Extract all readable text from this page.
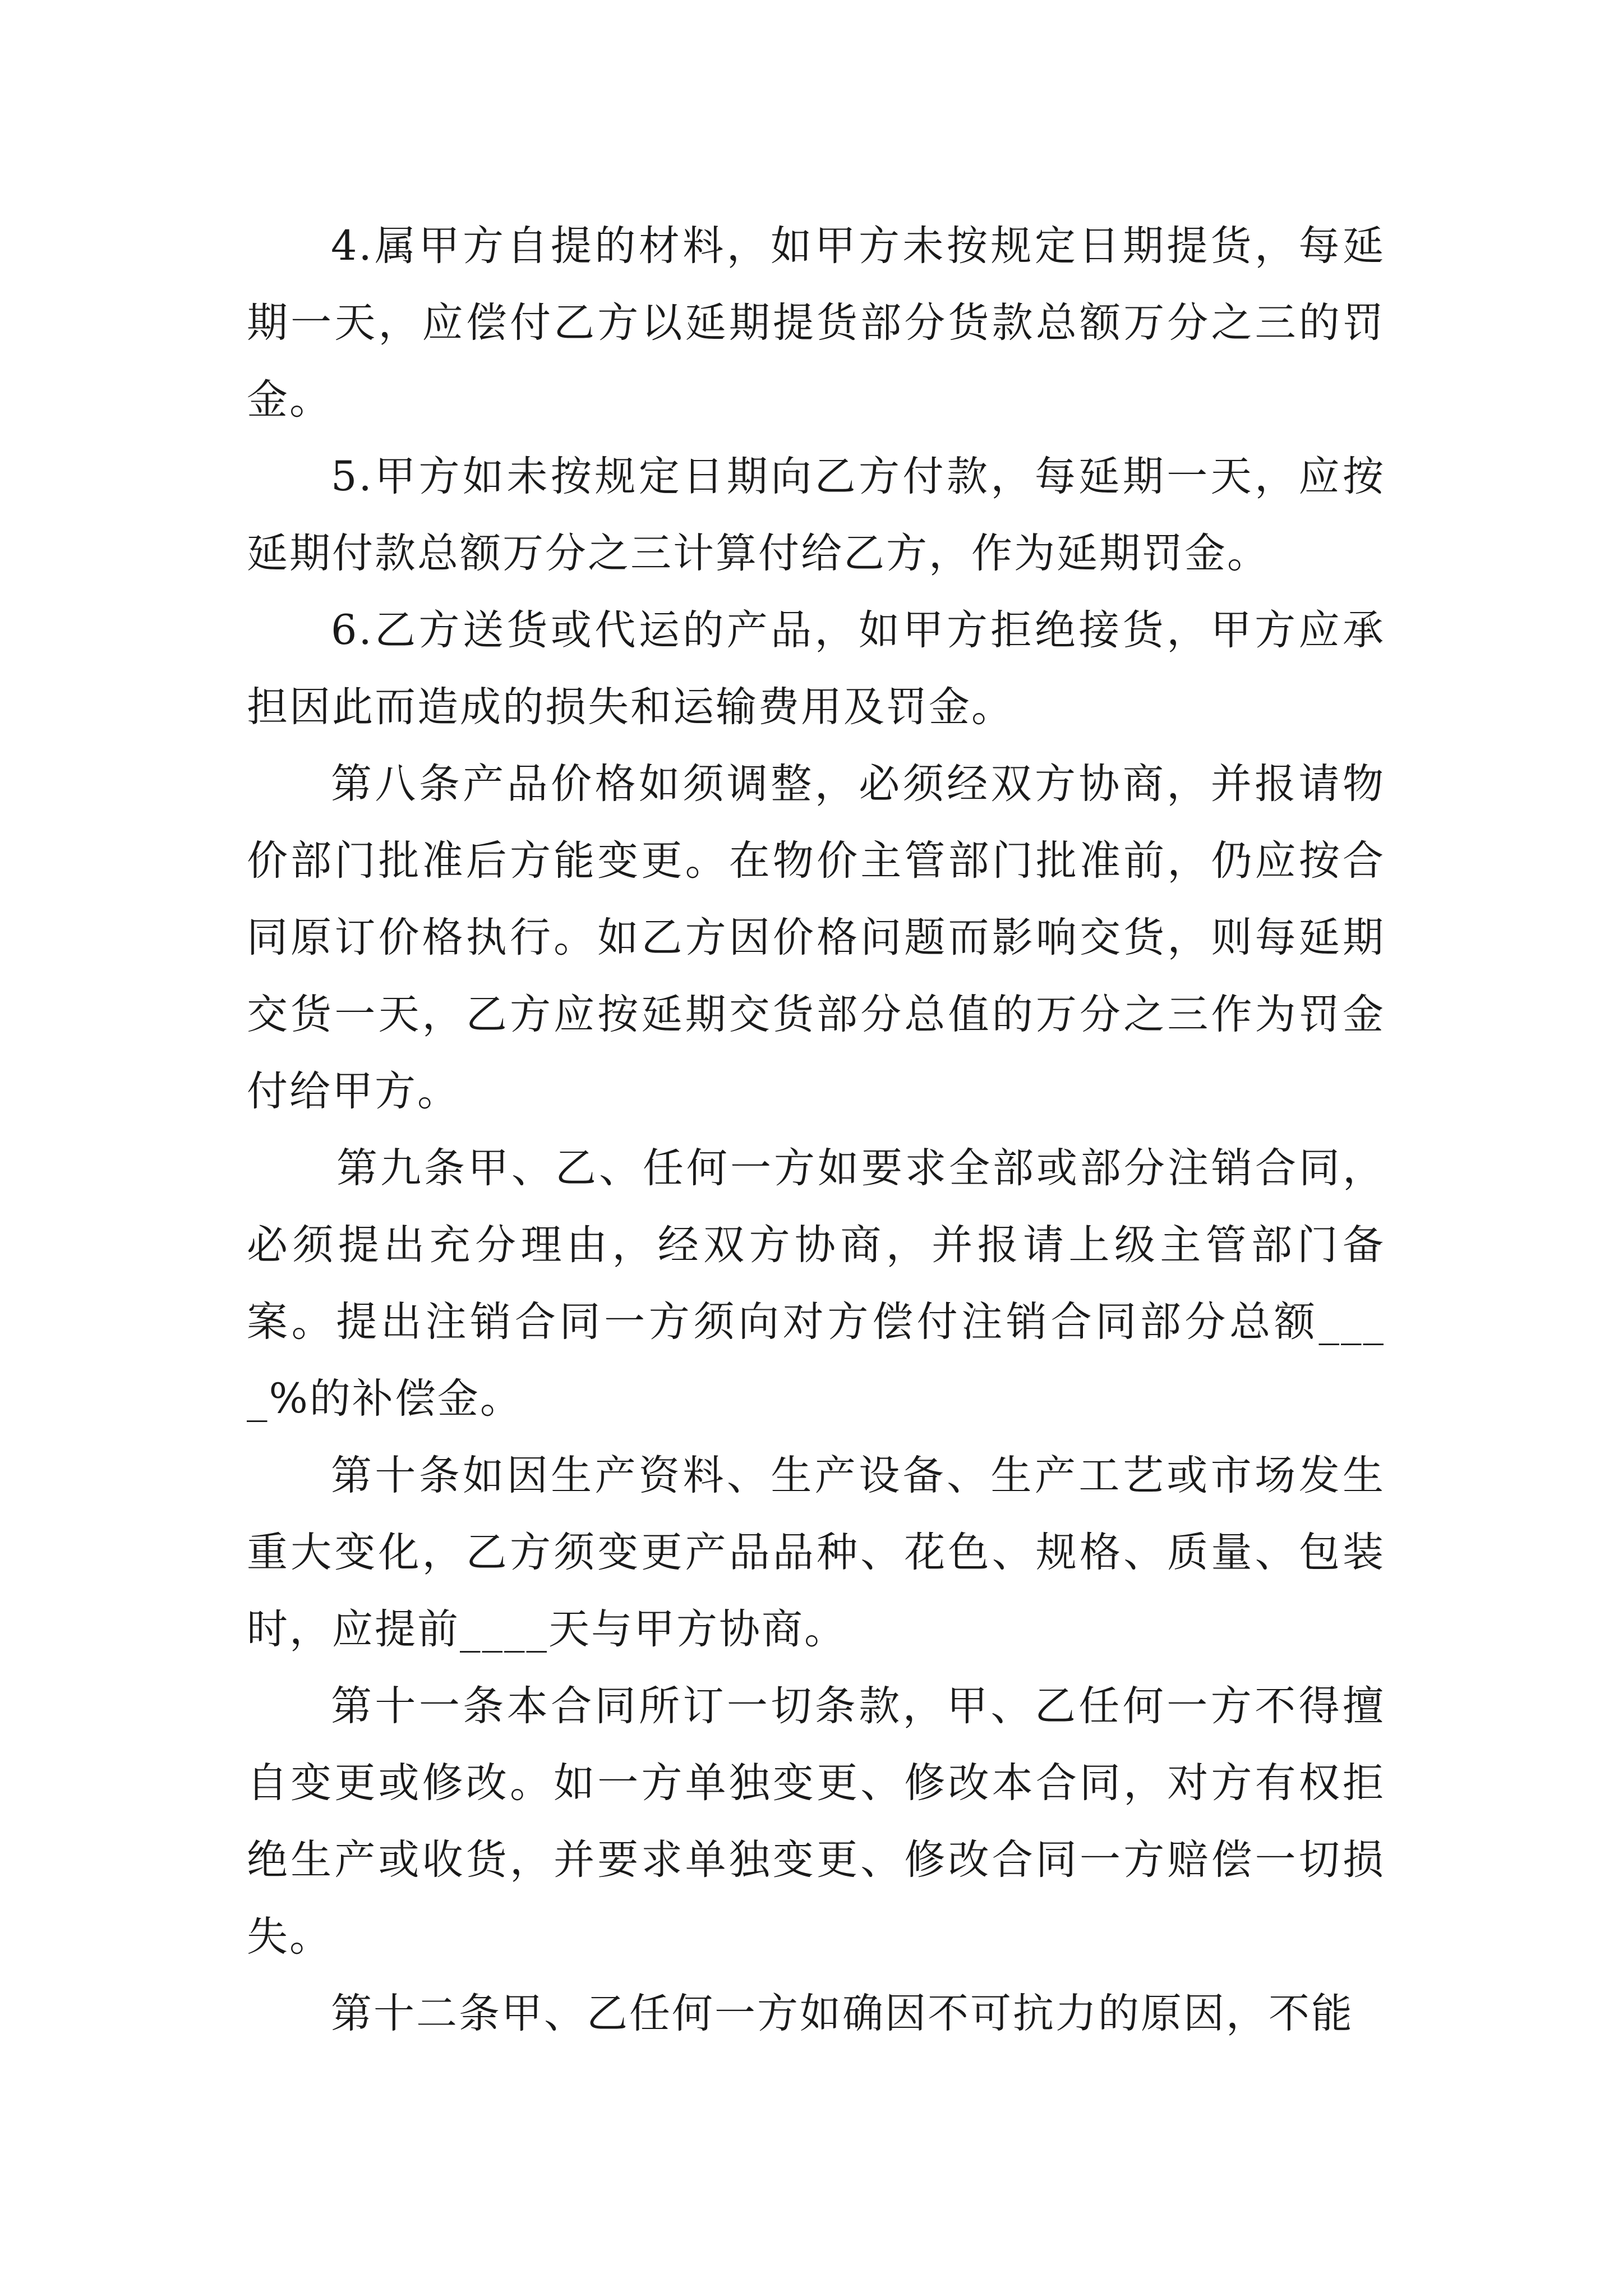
4.属甲方自提的材料，如甲方未按规定日期提货，每延期一天，应偿付乙方以延期提货部分货款总额万分之三的罚金。

5.甲方如未按规定日期向乙方付款，每延期一天，应按延期付款总额万分之三计算付给乙方，作为延期罚金。

6.乙方送货或代运的产品，如甲方拒绝接货，甲方应承担因此而造成的损失和运输费用及罚金。

第八条产品价格如须调整，必须经双方协商，并报请物价部门批准后方能变更。在物价主管部门批准前，仍应按合同原订价格执行。如乙方因价格问题而影响交货，则每延期交货一天，乙方应按延期交货部分总值的万分之三作为罚金付给甲方。

第九条甲、乙、任何一方如要求全部或部分注销合同，必须提出充分理由，经双方协商，并报请上级主管部门备案。提出注销合同一方须向对方偿付注销合同部分总额____%的补偿金。

第十条如因生产资料、生产设备、生产工艺或市场发生重大变化，乙方须变更产品品种、花色、规格、质量、包装时，应提前____天与甲方协商。

第十一条本合同所订一切条款，甲、乙任何一方不得擅自变更或修改。如一方单独变更、修改本合同，对方有权拒绝生产或收货，并要求单独变更、修改合同一方赔偿一切损失。

第十二条甲、乙任何一方如确因不可抗力的原因，不能
